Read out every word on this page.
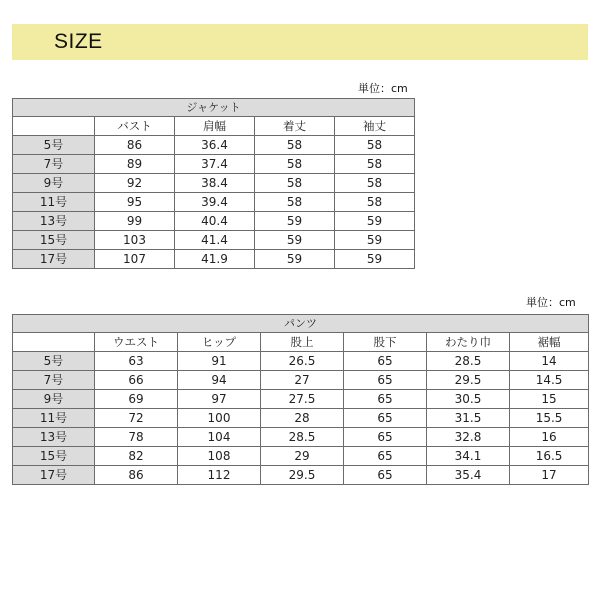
SIZE
単位：cm
ジャケット				
	バスト	肩幅	着丈	袖丈
5号	86	36.4	58	58
7号	89	37.4	58	58
9号	92	38.4	58	58
11号	95	39.4	58	58
13号	99	40.4	59	59
15号	103	41.4	59	59
17号	107	41.9	59	59
単位：cm
パンツ						
	ウエスト	ヒップ	股上	股下	わたり巾	裾幅
5号	63	91	26.5	65	28.5	14
7号	66	94	27	65	29.5	14.5
9号	69	97	27.5	65	30.5	15
11号	72	100	28	65	31.5	15.5
13号	78	104	28.5	65	32.8	16
15号	82	108	29	65	34.1	16.5
17号	86	112	29.5	65	35.4	17
